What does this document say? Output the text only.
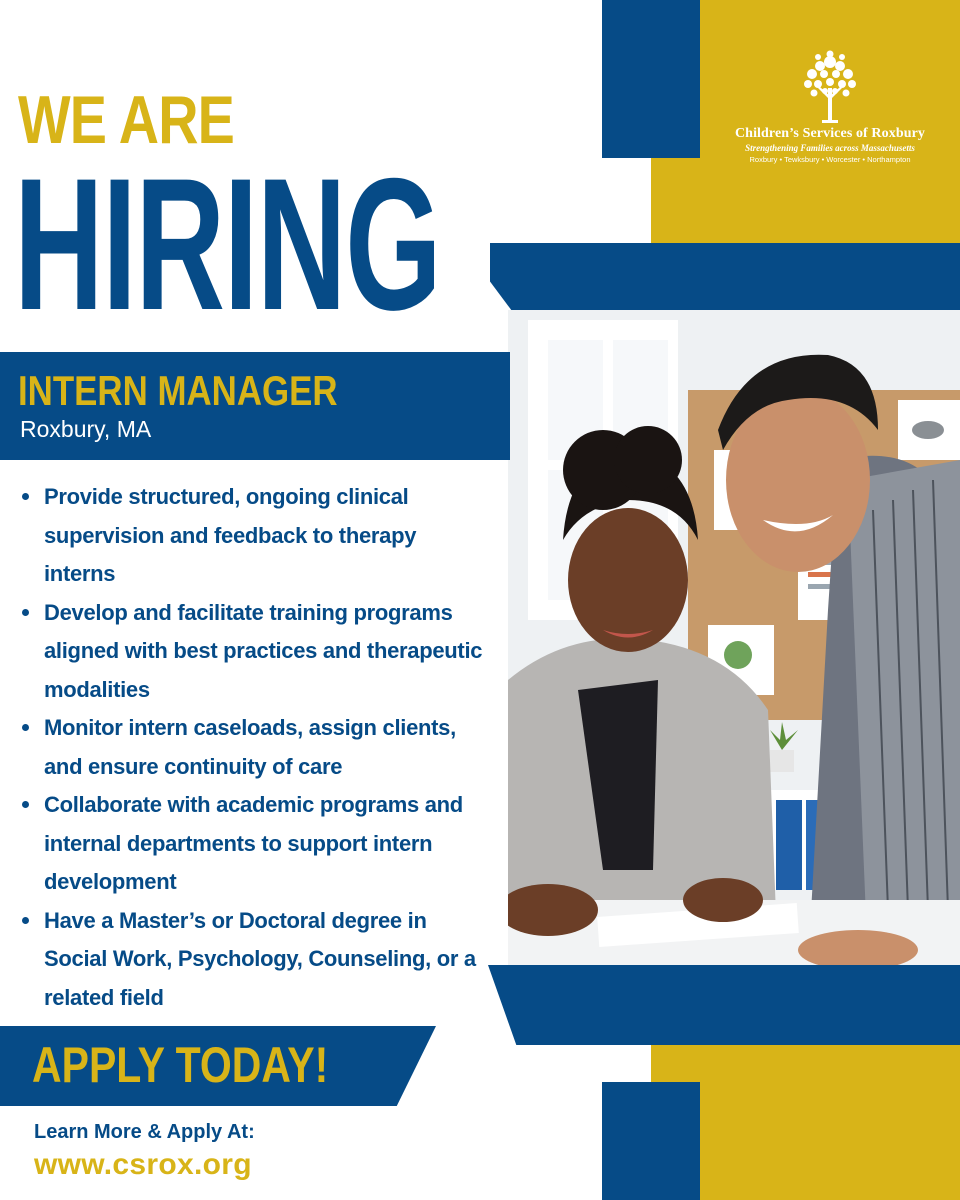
Children’s Services of Roxbury
Strengthening Families across Massachusetts
Roxbury • Tewksbury • Worcester • Northampton
WE ARE
HIRING
INTERN MANAGER
Roxbury, MA
Provide structured, ongoing clinical supervision and feedback to therapy interns
Develop and facilitate training programs aligned with best practices and therapeutic modalities
Monitor intern caseloads, assign clients, and ensure continuity of care
Collaborate with academic programs and internal departments to support intern development
Have a Master’s or Doctoral degree in Social Work, Psychology, Counseling, or a related field
APPLY TODAY!
Learn More & Apply At:
www.csrox.org
